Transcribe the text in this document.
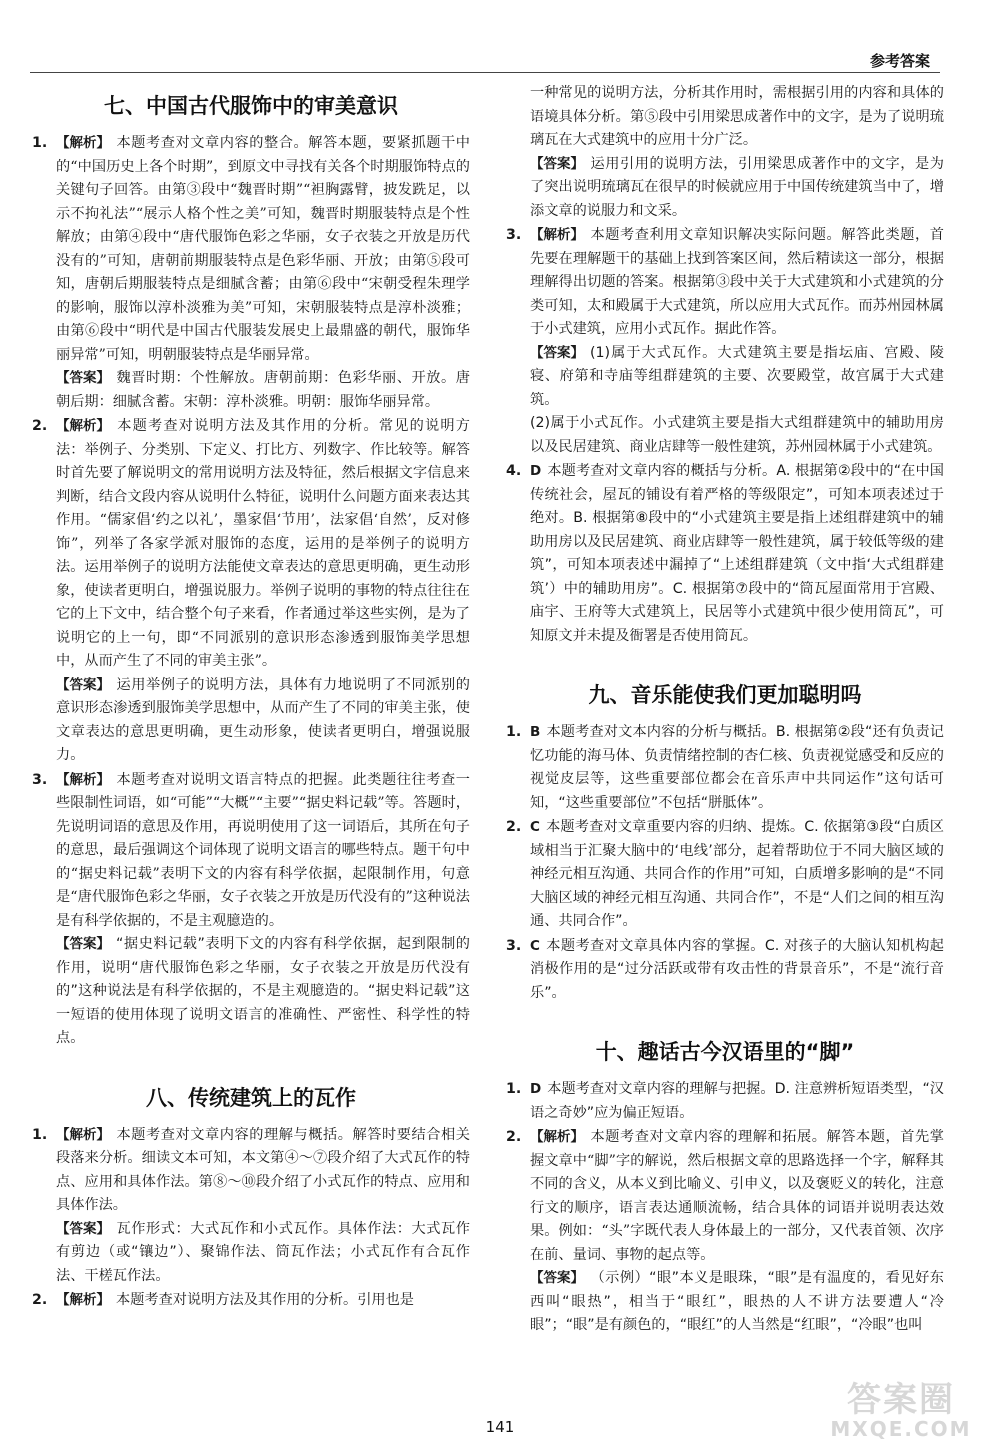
参考答案
七、中国古代服饰中的审美意识
1. 【解析】 本题考查对文章内容的整合。解答本题，要紧抓题干中的“中国历史上各个时期”，到原文中寻找有关各个时期服饰特点的关键句子回答。由第③段中“魏晋时期”“袒胸露臂，披发跣足，以示不拘礼法”“展示人格个性之美”可知，魏晋时期服装特点是个性解放；由第④段中“唐代服饰色彩之华丽，女子衣装之开放是历代没有的”可知，唐朝前期服装特点是色彩华丽、开放；由第⑤段可知，唐朝后期服装特点是细腻含蓄；由第⑥段中“宋朝受程朱理学的影响，服饰以淳朴淡雅为美”可知，宋朝服装特点是淳朴淡雅；由第⑥段中“明代是中国古代服装发展史上最鼎盛的朝代，服饰华丽异常”可知，明朝服装特点是华丽异常。
【答案】 魏晋时期：个性解放。唐朝前期：色彩华丽、开放。唐朝后期：细腻含蓄。宋朝：淳朴淡雅。明朝：服饰华丽异常。
2. 【解析】 本题考查对说明方法及其作用的分析。常见的说明方法：举例子、分类别、下定义、打比方、列数字、作比较等。解答时首先要了解说明文的常用说明方法及特征，然后根据文字信息来判断，结合文段内容从说明什么特征，说明什么问题方面来表达其作用。“儒家倡‘约之以礼’，墨家倡‘节用’，法家倡‘自然’，反对修饰”，列举了各家学派对服饰的态度，运用的是举例子的说明方法。运用举例子的说明方法能使文章表达的意思更明确，更生动形象，使读者更明白，增强说服力。举例子说明的事物的特点往往在它的上下文中，结合整个句子来看，作者通过举这些实例，是为了说明它的上一句，即“不同派别的意识形态渗透到服饰美学思想中，从而产生了不同的审美主张”。
【答案】 运用举例子的说明方法，具体有力地说明了不同派别的意识形态渗透到服饰美学思想中，从而产生了不同的审美主张，使文章表达的意思更明确，更生动形象，使读者更明白，增强说服力。
3. 【解析】 本题考查对说明文语言特点的把握。此类题往往考查一些限制性词语，如“可能”“大概”“主要”“据史料记载”等。答题时，先说明词语的意思及作用，再说明使用了这一词语后，其所在句子的意思，最后强调这个词体现了说明文语言的哪些特点。题干句中的“据史料记载”表明下文的内容有科学依据，起限制作用，句意是“唐代服饰色彩之华丽，女子衣装之开放是历代没有的”这种说法是有科学依据的，不是主观臆造的。
【答案】 “据史料记载”表明下文的内容有科学依据，起到限制的作用，说明“唐代服饰色彩之华丽，女子衣装之开放是历代没有的”这种说法是有科学依据的，不是主观臆造的。“据史料记载”这一短语的使用体现了说明文语言的准确性、严密性、科学性的特点。
八、传统建筑上的瓦作
1. 【解析】 本题考查对文章内容的理解与概括。解答时要结合相关段落来分析。细读文本可知，本文第④～⑦段介绍了大式瓦作的特点、应用和具体作法。第⑧～⑩段介绍了小式瓦作的特点、应用和具体作法。
【答案】 瓦作形式：大式瓦作和小式瓦作。具体作法：大式瓦作有剪边（或“镶边”）、聚锦作法、筒瓦作法；小式瓦作有合瓦作法、干槎瓦作法。
2. 【解析】 本题考查对说明方法及其作用的分析。引用也是
一种常见的说明方法，分析其作用时，需根据引用的内容和具体的语境具体分析。第⑤段中引用梁思成著作中的文字，是为了说明琉璃瓦在大式建筑中的应用十分广泛。
【答案】 运用引用的说明方法，引用梁思成著作中的文字，是为了突出说明琉璃瓦在很早的时候就应用于中国传统建筑当中了，增添文章的说服力和文采。
3. 【解析】 本题考查利用文章知识解决实际问题。解答此类题，首先要在理解题干的基础上找到答案区间，然后精读这一部分，根据理解得出切题的答案。根据第③段中关于大式建筑和小式建筑的分类可知，太和殿属于大式建筑，所以应用大式瓦作。而苏州园林属于小式建筑，应用小式瓦作。据此作答。
【答案】 (1)属于大式瓦作。大式建筑主要是指坛庙、宫殿、陵寝、府第和寺庙等组群建筑的主要、次要殿堂，故宫属于大式建筑。
(2)属于小式瓦作。小式建筑主要是指大式组群建筑中的辅助用房以及民居建筑、商业店肆等一般性建筑，苏州园林属于小式建筑。
4. D 本题考查对文章内容的概括与分析。A. 根据第②段中的“在中国传统社会，屋瓦的铺设有着严格的等级限定”，可知本项表述过于绝对。B. 根据第⑧段中的“小式建筑主要是指上述组群建筑中的辅助用房以及民居建筑、商业店肆等一般性建筑，属于较低等级的建筑”，可知本项表述中漏掉了“上述组群建筑（文中指‘大式组群建筑’）中的辅助用房”。C. 根据第⑦段中的“筒瓦屋面常用于宫殿、庙宇、王府等大式建筑上，民居等小式建筑中很少使用筒瓦”，可知原文并未提及衙署是否使用筒瓦。
九、音乐能使我们更加聪明吗
1. B 本题考查对文本内容的分析与概括。B. 根据第②段“还有负责记忆功能的海马体、负责情绪控制的杏仁核、负责视觉感受和反应的视觉皮层等，这些重要部位都会在音乐声中共同运作”这句话可知，“这些重要部位”不包括“胼胝体”。
2. C 本题考查对文章重要内容的归纳、提炼。C. 依据第③段“白质区域相当于汇聚大脑中的‘电线’部分，起着帮助位于不同大脑区域的神经元相互沟通、共同合作的作用”可知，白质增多影响的是“不同大脑区域的神经元相互沟通、共同合作”，不是“人们之间的相互沟通、共同合作”。
3. C 本题考查对文章具体内容的掌握。C. 对孩子的大脑认知机构起消极作用的是“过分活跃或带有攻击性的背景音乐”，不是“流行音乐”。
十、趣话古今汉语里的“脚”
1. D 本题考查对文章内容的理解与把握。D. 注意辨析短语类型，“汉语之奇妙”应为偏正短语。
2. 【解析】 本题考查对文章内容的理解和拓展。解答本题，首先掌握文章中“脚”字的解说，然后根据文章的思路选择一个字，解释其不同的含义，从本义到比喻义、引申义，以及褒贬义的转化，注意行文的顺序，语言表达通顺流畅，结合具体的词语并说明表达效果。例如：“头”字既代表人身体最上的一部分，又代表首领、次序在前、量词、事物的起点等。
【答案】 （示例）“眼”本义是眼珠，“眼”是有温度的，看见好东西叫“眼热”，相当于“眼红”，眼热的人不讲方法要遭人“冷眼”；“眼”是有颜色的，“眼红”的人当然是“红眼”，“冷眼”也叫
141
答案圈
MXQE.COM
